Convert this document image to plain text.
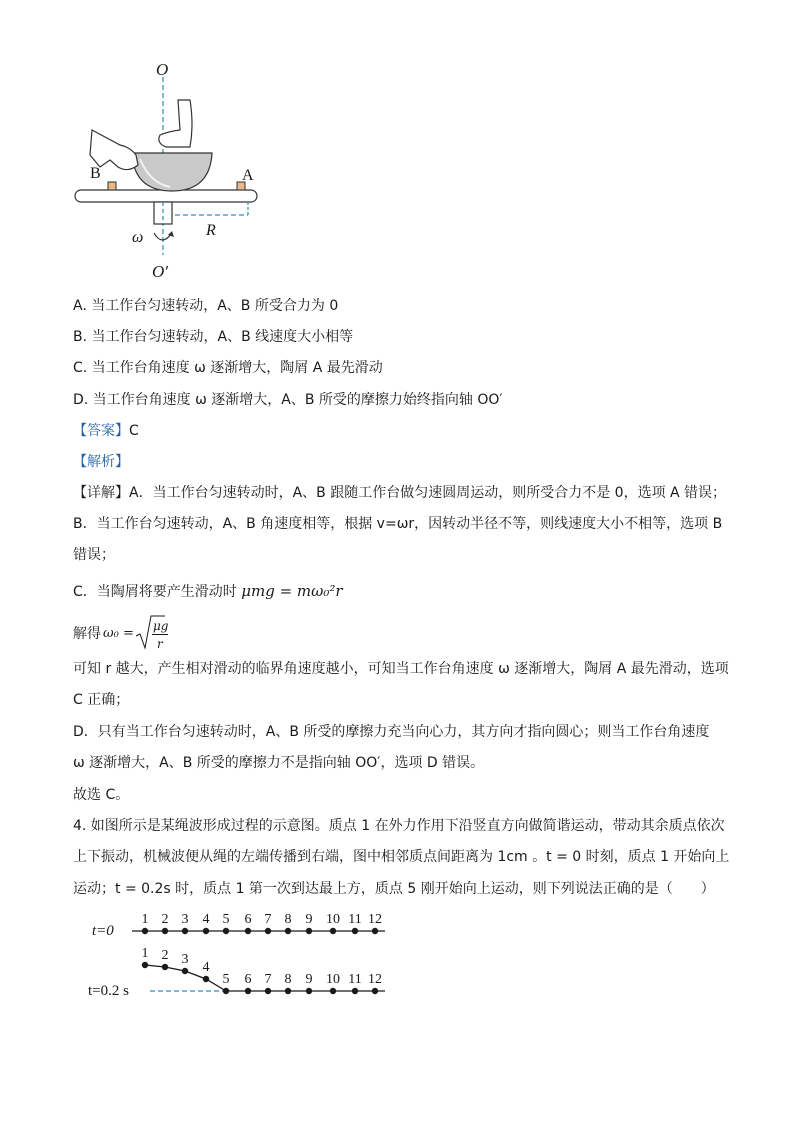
O
O′
B	A
R
ω
A. 当工作台匀速转动，A、B 所受合力为 0
B. 当工作台匀速转动，A、B 线速度大小相等
C. 当工作台角速度 ω 逐渐增大，陶屑 A 最先滑动
D. 当工作台角速度 ω 逐渐增大，A、B 所受的摩擦力始终指向轴 OO′
【答案】C
【解析】
【详解】A．当工作台匀速转动时，A、B 跟随工作台做匀速圆周运动，则所受合力不是 0，选项 A 错误；
B．当工作台匀速转动，A、B 角速度相等，根据 v=ωr，因转动半径不等，则线速度大小不相等，选项 B
错误；
C．当陶屑将要产生滑动时 μmg = mω₀²r
解得 ω₀ = μg
r
可知 r 越大，产生相对滑动的临界角速度越小，可知当工作台角速度 ω 逐渐增大，陶屑 A 最先滑动，选项
C 正确；
D．只有当工作台匀速转动时，A、B 所受的摩擦力充当向心力，其方向才指向圆心；则当工作台角速度
ω 逐渐增大，A、B 所受的摩擦力不是指向轴 OO′，选项 D 错误。
故选 C。
4. 如图所示是某绳波形成过程的示意图。质点 1 在外力作用下沿竖直方向做简谐运动，带动其余质点依次
上下振动，机械波便从绳的左端传播到右端，图中相邻质点间距离为 1cm 。t = 0 时刻，质点 1 开始向上
运动；t = 0.2s 时，质点 1 第一次到达最上方，质点 5 刚开始向上运动，则下列说法正确的是（　　）
1 2 3 4 5 6 7 8 9 10 11 12
1 2 3
4
5 6 7 8 9 10 11 12
t=0
t=0.2 s
